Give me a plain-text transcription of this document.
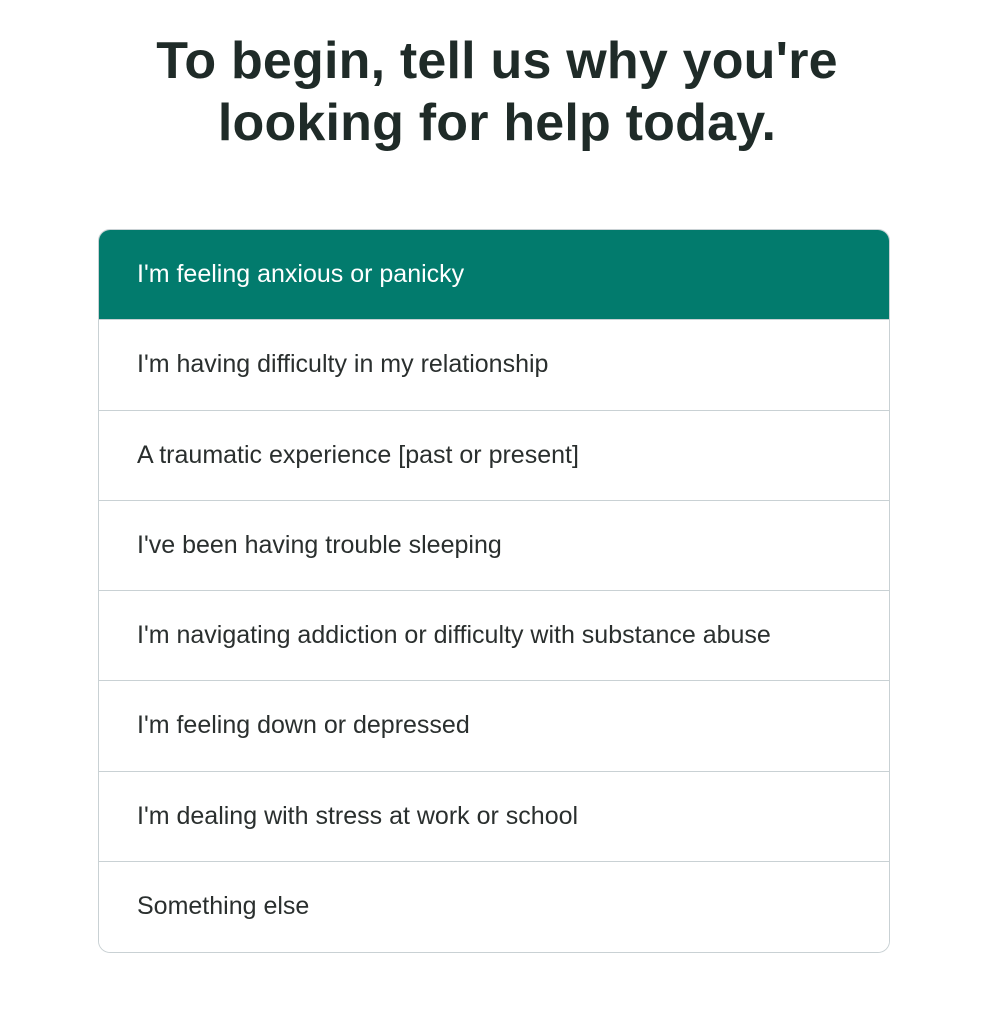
To begin, tell us why you're
looking for help today.
I'm feeling anxious or panicky
I'm having difficulty in my relationship
A traumatic experience [past or present]
I've been having trouble sleeping
I'm navigating addiction or difficulty with substance abuse
I'm feeling down or depressed
I'm dealing with stress at work or school
Something else
